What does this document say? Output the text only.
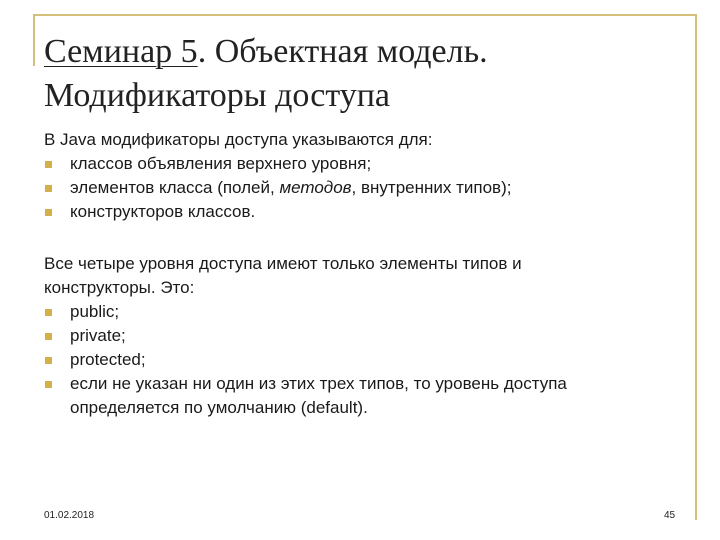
Семинар 5. Объектная модель.
Модификаторы доступа

В Java модификаторы доступа указываются для:

классов объявления верхнего уровня;
элементов класса (полей, методов, внутренних типов);
конструкторов классов.

Все четыре уровня доступа имеют только элементы типов и
конструкторы. Это:

public;
private;
protected;
если не указан ни один из этих трех типов, то уровень доступа
определяется по умолчанию (default).
01.02.2018	45
